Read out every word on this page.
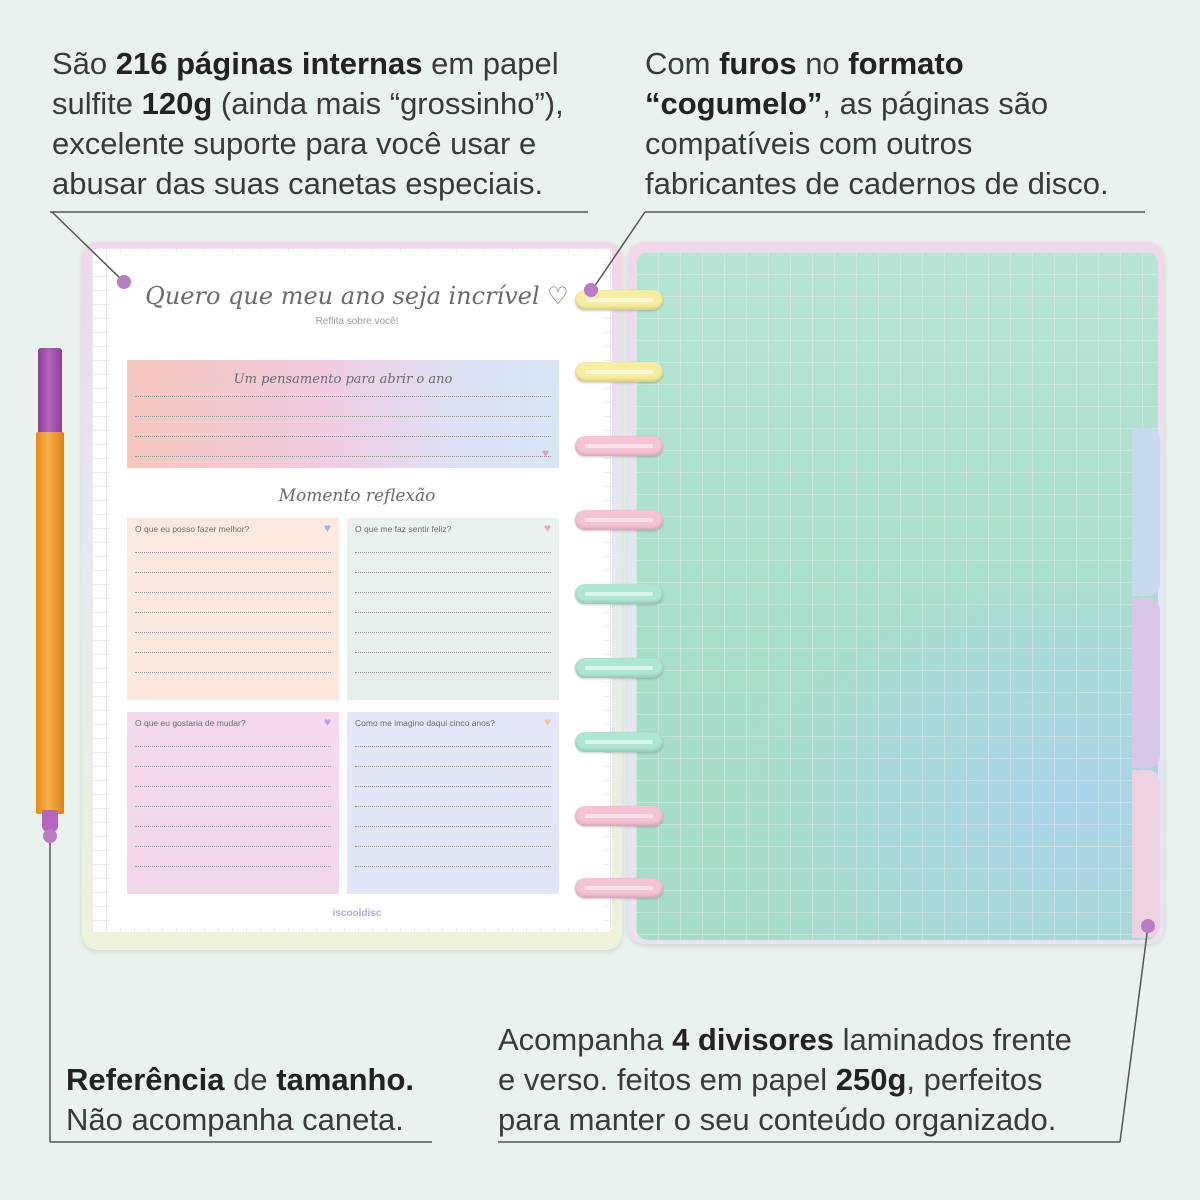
São 216 páginas internas em papel
sulfite 120g (ainda mais “grossinho”),
excelente suporte para você usar e
abusar das suas canetas especiais.

Com furos no formato
“cogumelo”, as páginas são
compatíveis com outros
fabricantes de cadernos de disco.

Referência de tamanho.
Não acompanha caneta.

Acompanha 4 divisores laminados frente
e verso. feitos em papel 250g, perfeitos
para manter o seu conteúdo organizado.

Quero que meu ano seja incrível ♡
Reflita sobre você!
Um pensamento para abrir o ano
♥
Momento reflexão
O que eu posso fazer melhor?	♥	O que me faz sentir feliz?	♥
O que eu gostaria de mudar?	♥	Como me imagino daqui cinco anos?	♥
iscooldisc
